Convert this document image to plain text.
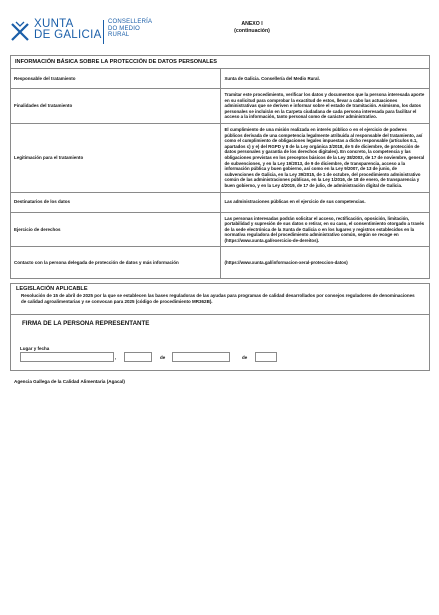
XUNTA
DE GALICIA
CONSELLERÍA
DO MEDIO
RURAL
ANEXO I
(continuación)
INFORMACIÓN BÁSICA SOBRE LA PROTECCIÓN DE DATOS PERSONALES	
Responsable del tratamiento	Xunta de Galicia. Consellería del Medio Rural.
Finalidades del tratamiento	Tramitar este procedimiento, verificar los datos y documentos que la persona interesada aporte en su solicitud para comprobar la exactitud de estos, llevar a cabo las actuaciones administrativas que se deriven e informar sobre el estado de tramitación. Asimismo, los datos personales se incluirán en la Carpeta ciudadana de cada persona interesada para facilitar el acceso a la información, tanto personal como de carácter administrativo.
Legitimación para el tratamiento	El cumplimiento de una misión realizada en interés público o en el ejercicio de poderes públicos derivada de una competencia legalmente atribuida al responsable del tratamiento, así como el cumplimiento de obligaciones legales impuestas a dicho responsable (artículos 6.1, apartados c) y e) del RGPD y 8 de la Ley orgánica 3/2018, de 5 de diciembre, de protección de datos personales y garantía de los derechos digitales). En concreto, la competencia y las obligaciones previstas en los preceptos básicos de la Ley 38/2003, de 17 de noviembre, general de subvenciones, y en la Ley 19/2013, de 9 de diciembre, de transparencia, acceso a la información pública y buen gobierno, así como en la Ley 9/2007, de 13 de junio, de subvenciones de Galicia, en la Ley 39/2015, de 1 de octubre, del procedimiento administrativo común de las administraciones públicas, en la Ley 1/2016, de 18 de enero, de transparencia y buen gobierno, y en la Ley 4/2019, de 17 de julio, de administración digital de Galicia.
Destinatarios de los datos	Las administraciones públicas en el ejercicio de sus competencias.
Ejercicio de derechos	Las personas interesadas podrán solicitar el acceso, rectificación, oposición, limitación, portabilidad y supresión de sus datos o retirar, en su caso, el consentimiento otorgado a través de la sede electrónica de la Xunta de Galicia o en los lugares y registros establecidos en la normativa reguladora del procedimiento administrativo común, según se recoge en (https://www.xunta.gal/exercicio-de-dereitos).
Contacto con la persona delegada de protección de datos y más información	(https://www.xunta.gal/informacion-xeral-proteccion-datos)
LEGISLACIÓN APLICABLE
Resolución de 15 de abril de 2025 por la que se establecen las bases reguladoras de las ayudas para programas de calidad desarrollados por consejos reguladores de denominaciones de calidad agroalimentarias y se convocan para 2025 (código de procedimiento MR362B).
FIRMA DE LA PERSONA REPRESENTANTE
Lugar y fecha
,	de	de
Agencia Gallega de la Calidad Alimentaria (Agacal)
